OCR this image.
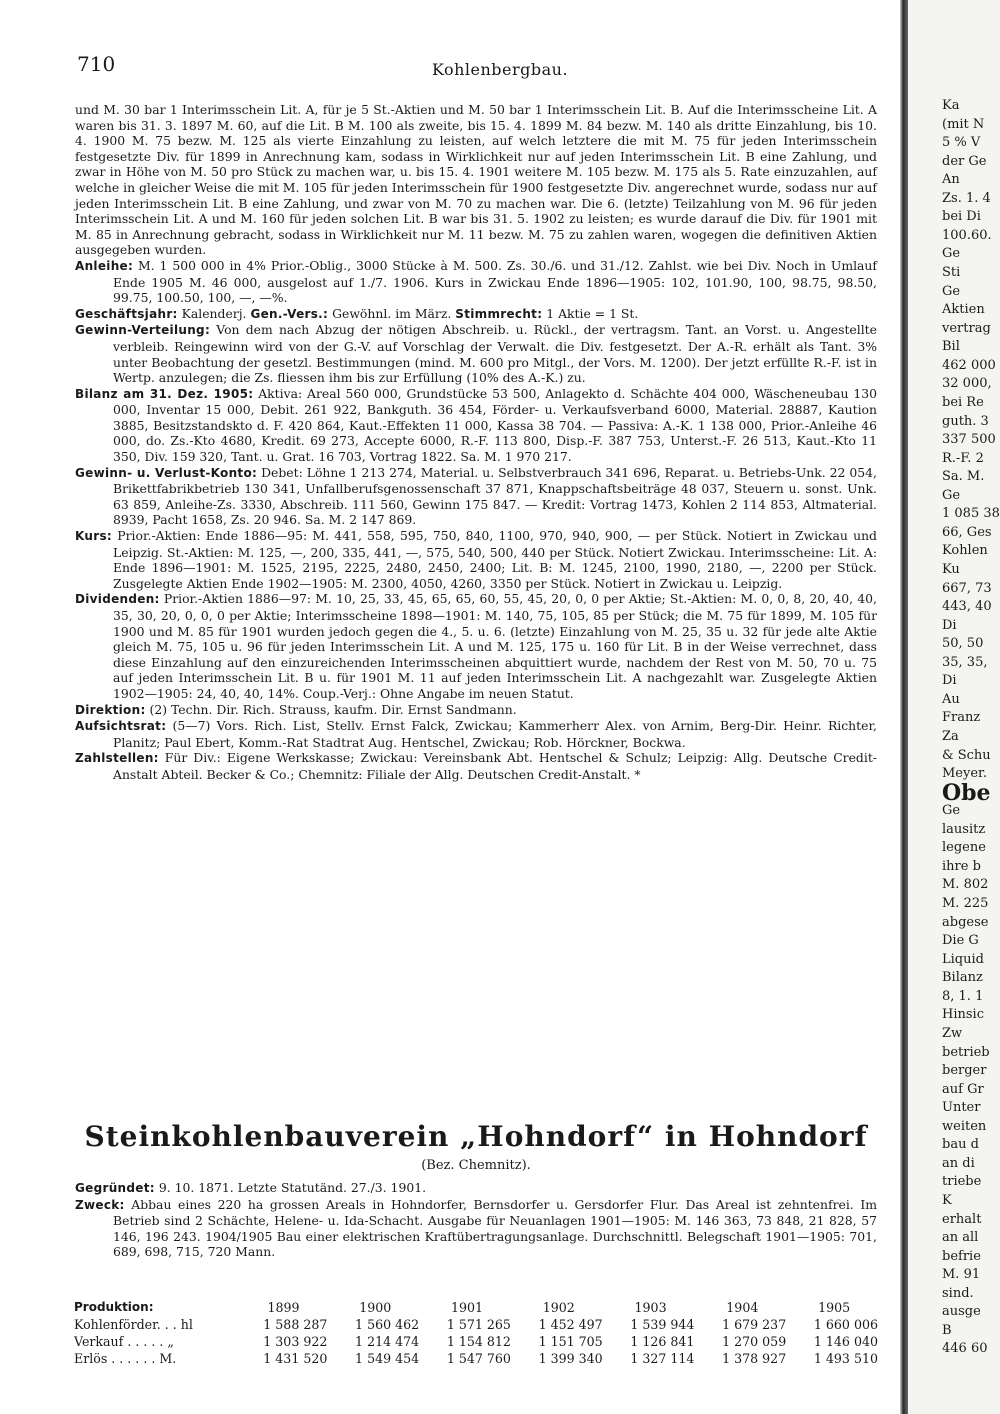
Ka
(mit N
5 % V
der Ge
An
Zs. 1. 4
bei Di
100.60.
Ge
Sti
Ge
Aktien
vertrag
Bil
462 000
32 000,
bei Re
guth. 3
337 500
R.-F. 2
Sa. M.
Ge
1 085 38
66, Ges
Kohlen
Ku
667, 73
443, 40
Di
50, 50
35, 35,
Di
Au
Franz
Za
& Schu
Meyer.
Obe
Ge
lausitz
legene
ihre b
M. 802
M. 225
abgese
Die G
Liquid
Bilanz
8, 1. 1
Hinsic
Zw
betrieb
berger
auf Gr
Unter
weiten
bau d
an di
triebe
K
erhalt
an all
befrie
M. 91
sind.
ausge
B
446 60
710	Kohlenbergbau.

und M. 30 bar 1 Interimsschein Lit. A, für je 5 St.-Aktien und M. 50 bar 1 Interimsschein Lit. B. Auf die Interimsscheine Lit. A waren bis 31. 3. 1897 M. 60, auf die Lit. B M. 100 als zweite, bis 15. 4. 1899 M. 84 bezw. M. 140 als dritte Einzahlung, bis 10. 4. 1900 M. 75 bezw. M. 125 als vierte Einzahlung zu leisten, auf welch letztere die mit M. 75 für jeden Interimsschein festgesetzte Div. für 1899 in Anrechnung kam, sodass in Wirklichkeit nur auf jeden Interimsschein Lit. B eine Zahlung, und zwar in Höhe von M. 50 pro Stück zu machen war, u. bis 15. 4. 1901 weitere M. 105 bezw. M. 175 als 5. Rate einzuzahlen, auf welche in gleicher Weise die mit M. 105 für jeden Interimsschein für 1900 festgesetzte Div. angerechnet wurde, sodass nur auf jeden Interimsschein Lit. B eine Zahlung, und zwar von M. 70 zu machen war. Die 6. (letzte) Teilzahlung von M. 96 für jeden Interimsschein Lit. A und M. 160 für jeden solchen Lit. B war bis 31. 5. 1902 zu leisten; es wurde darauf die Div. für 1901 mit M. 85 in Anrechnung gebracht, sodass in Wirklichkeit nur M. 11 bezw. M. 75 zu zahlen waren, wogegen die definitiven Aktien ausgegeben wurden.

Anleihe: M. 1 500 000 in 4% Prior.-Oblig., 3000 Stücke à M. 500. Zs. 30./6. und 31./12. Zahlst. wie bei Div. Noch in Umlauf Ende 1905 M. 46 000, ausgelost auf 1./7. 1906. Kurs in Zwickau Ende 1896—1905: 102, 101.90, 100, 98.75, 98.50, 99.75, 100.50, 100, —, —%.

Geschäftsjahr: Kalenderj. Gen.-Vers.: Gewöhnl. im März. Stimmrecht: 1 Aktie = 1 St.

Gewinn-Verteilung: Von dem nach Abzug der nötigen Abschreib. u. Rückl., der vertragsm. Tant. an Vorst. u. Angestellte verbleib. Reingewinn wird von der G.-V. auf Vorschlag der Verwalt. die Div. festgesetzt. Der A.-R. erhält als Tant. 3% unter Beobachtung der gesetzl. Bestimmungen (mind. M. 600 pro Mitgl., der Vors. M. 1200). Der jetzt erfüllte R.-F. ist in Wertp. anzulegen; die Zs. fliessen ihm bis zur Erfüllung (10% des A.-K.) zu.

Bilanz am 31. Dez. 1905: Aktiva: Areal 560 000, Grundstücke 53 500, Anlagekto d. Schächte 404 000, Wäscheneubau 130 000, Inventar 15 000, Debit. 261 922, Bankguth. 36 454, Förder- u. Verkaufsverband 6000, Material. 28887, Kaution 3885, Besitzstandskto d. F. 420 864, Kaut.-Effekten 11 000, Kassa 38 704. — Passiva: A.-K. 1 138 000, Prior.-Anleihe 46 000, do. Zs.-Kto 4680, Kredit. 69 273, Accepte 6000, R.-F. 113 800, Disp.-F. 387 753, Unterst.-F. 26 513, Kaut.-Kto 11 350, Div. 159 320, Tant. u. Grat. 16 703, Vortrag 1822. Sa. M. 1 970 217.

Gewinn- u. Verlust-Konto: Debet: Löhne 1 213 274, Material. u. Selbstverbrauch 341 696, Reparat. u. Betriebs-Unk. 22 054, Brikettfabrikbetrieb 130 341, Unfallberufsgenossenschaft 37 871, Knappschaftsbeiträge 48 037, Steuern u. sonst. Unk. 63 859, Anleihe-Zs. 3330, Abschreib. 111 560, Gewinn 175 847. — Kredit: Vortrag 1473, Kohlen 2 114 853, Altmaterial. 8939, Pacht 1658, Zs. 20 946. Sa. M. 2 147 869.

Kurs: Prior.-Aktien: Ende 1886—95: M. 441, 558, 595, 750, 840, 1100, 970, 940, 900, — per Stück. Notiert in Zwickau und Leipzig. St.-Aktien: M. 125, —, 200, 335, 441, —, 575, 540, 500, 440 per Stück. Notiert Zwickau. Interimsscheine: Lit. A: Ende 1896—1901: M. 1525, 2195, 2225, 2480, 2450, 2400; Lit. B: M. 1245, 2100, 1990, 2180, —, 2200 per Stück. Zusgelegte Aktien Ende 1902—1905: M. 2300, 4050, 4260, 3350 per Stück. Notiert in Zwickau u. Leipzig.

Dividenden: Prior.-Aktien 1886—97: M. 10, 25, 33, 45, 65, 65, 60, 55, 45, 20, 0, 0 per Aktie; St.-Aktien: M. 0, 0, 8, 20, 40, 40, 35, 30, 20, 0, 0, 0 per Aktie; Interimsscheine 1898—1901: M. 140, 75, 105, 85 per Stück; die M. 75 für 1899, M. 105 für 1900 und M. 85 für 1901 wurden jedoch gegen die 4., 5. u. 6. (letzte) Einzahlung von M. 25, 35 u. 32 für jede alte Aktie gleich M. 75, 105 u. 96 für jeden Interimsschein Lit. A und M. 125, 175 u. 160 für Lit. B in der Weise verrechnet, dass diese Einzahlung auf den einzureichenden Interimsscheinen abquittiert wurde, nachdem der Rest von M. 50, 70 u. 75 auf jeden Interimsschein Lit. B u. für 1901 M. 11 auf jeden Interimsschein Lit. A nachgezahlt war. Zusgelegte Aktien 1902—1905: 24, 40, 40, 14%. Coup.-Verj.: Ohne Angabe im neuen Statut.

Direktion: (2) Techn. Dir. Rich. Strauss, kaufm. Dir. Ernst Sandmann.

Aufsichtsrat: (5—7) Vors. Rich. List, Stellv. Ernst Falck, Zwickau; Kammerherr Alex. von Arnim, Berg-Dir. Heinr. Richter, Planitz; Paul Ebert, Komm.-Rat Stadtrat Aug. Hentschel, Zwickau; Rob. Hörckner, Bockwa.

Zahlstellen: Für Div.: Eigene Werkskasse; Zwickau: Vereinsbank Abt. Hentschel & Schulz; Leipzig: Allg. Deutsche Credit-Anstalt Abteil. Becker & Co.; Chemnitz: Filiale der Allg. Deutschen Credit-Anstalt. *

Steinkohlenbauverein „Hohndorf“ in Hohndorf
(Bez. Chemnitz).

Gegründet: 9. 10. 1871. Letzte Statutänd. 27./3. 1901.

Zweck: Abbau eines 220 ha grossen Areals in Hohndorfer, Bernsdorfer u. Gersdorfer Flur. Das Areal ist zehntenfrei. Im Betrieb sind 2 Schächte, Helene- u. Ida-Schacht. Ausgabe für Neuanlagen 1901—1905: M. 146 363, 73 848, 21 828, 57 146, 196 243. 1904/1905 Bau einer elektrischen Kraftübertragungsanlage. Durchschnittl. Belegschaft 1901—1905: 701, 689, 698, 715, 720 Mann.

Produktion:	1899	1900	1901	1902	1903	1904	1905
Kohlenförder. . . hl	1 588 287	1 560 462	1 571 265	1 452 497	1 539 944	1 679 237	1 660 006
Verkauf . . . . . „	1 303 922	1 214 474	1 154 812	1 151 705	1 126 841	1 270 059	1 146 040
Erlös . . . . . . M.	1 431 520	1 549 454	1 547 760	1 399 340	1 327 114	1 378 927	1 493 510
